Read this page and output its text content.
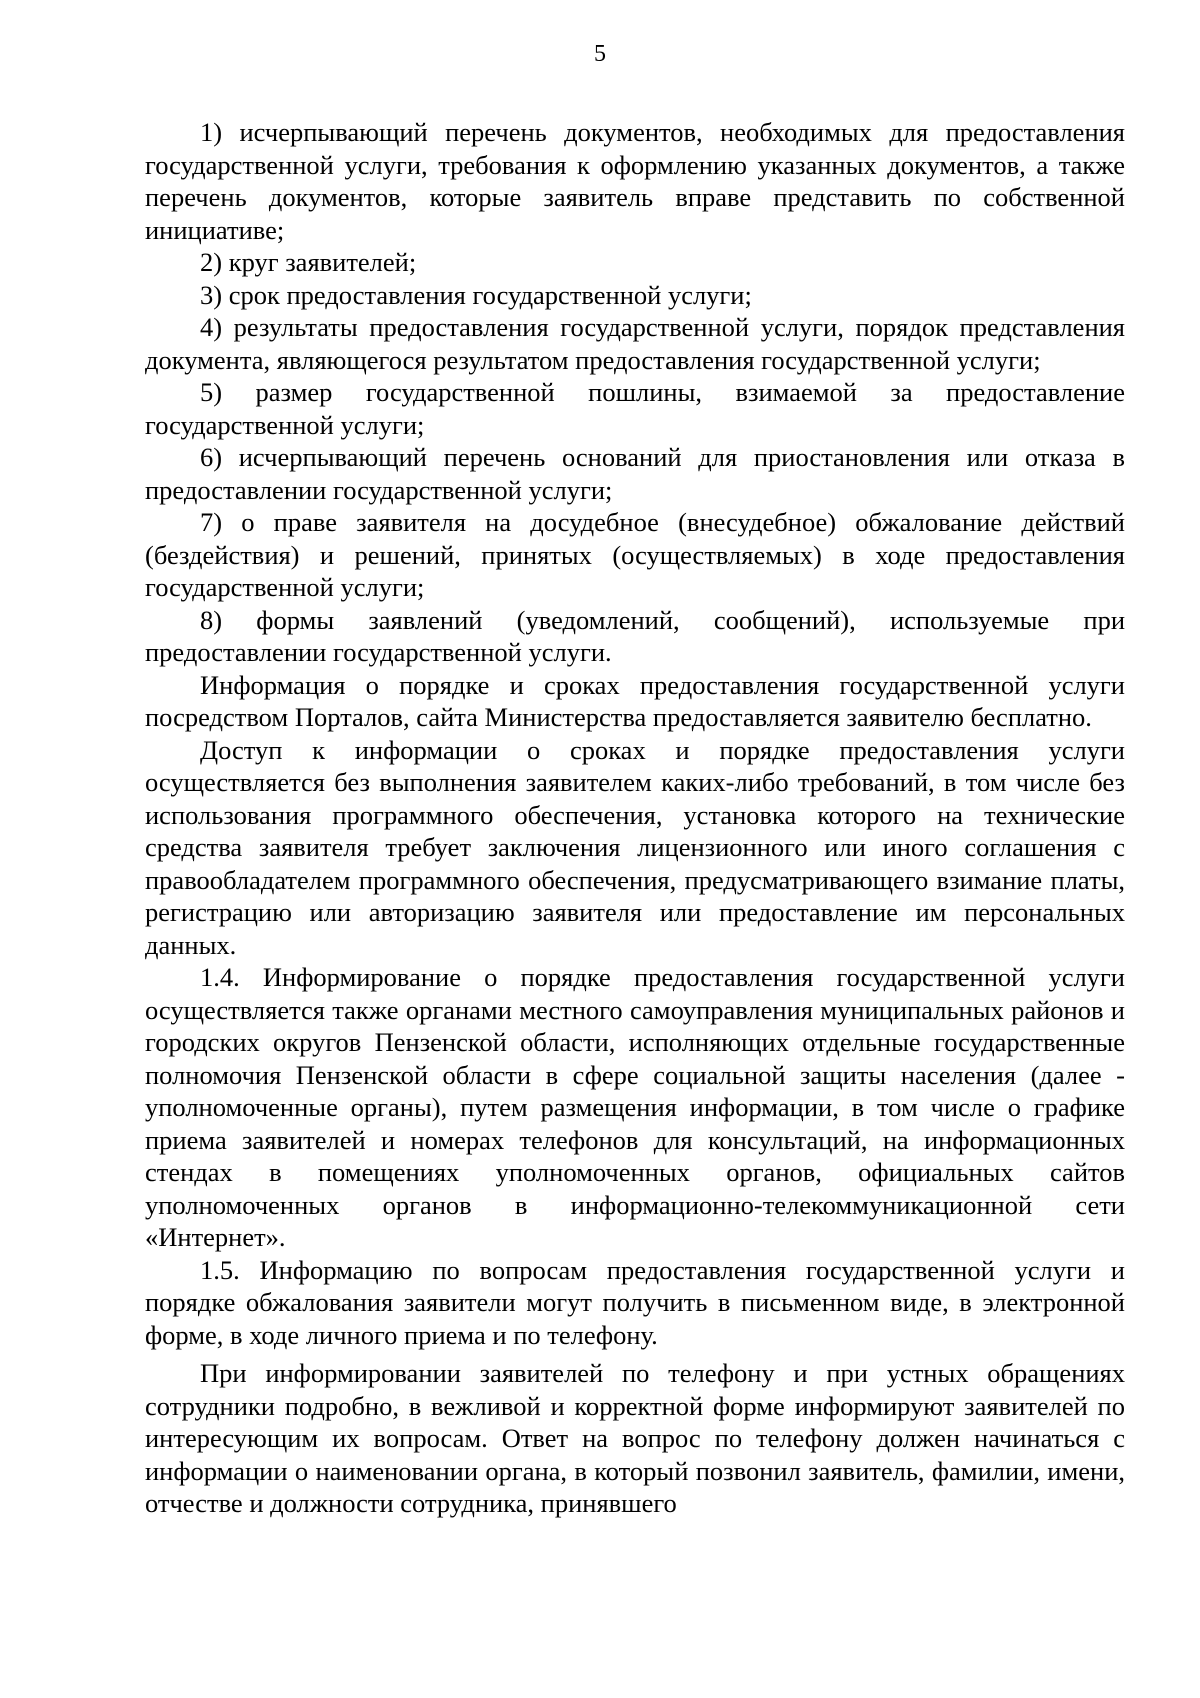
5

1) исчерпывающий перечень документов, необходимых для предоставления государственной услуги, требования к оформлению указанных документов, а также перечень документов, которые заявитель вправе представить по собственной инициативе;

2) круг заявителей;

3) срок предоставления государственной услуги;

4) результаты предоставления государственной услуги, порядок представления документа, являющегося результатом предоставления государственной услуги;

5) размер государственной пошлины, взимаемой за предоставление государственной услуги;

6) исчерпывающий перечень оснований для приостановления или отказа в предоставлении государственной услуги;

7) о праве заявителя на досудебное (внесудебное) обжалование действий (бездействия) и решений, принятых (осуществляемых) в ходе предоставления государственной услуги;

8) формы заявлений (уведомлений, сообщений), используемые при предоставлении государственной услуги.

Информация о порядке и сроках предоставления государственной услуги посредством Порталов, сайта Министерства предоставляется заявителю бесплатно.

Доступ к информации о сроках и порядке предоставления услуги осуществляется без выполнения заявителем каких-либо требований, в том числе без использования программного обеспечения, установка которого на технические средства заявителя требует заключения лицензионного или иного соглашения с правообладателем программного обеспечения, предусматривающего взимание платы, регистрацию или авторизацию заявителя или предоставление им персональных данных.

1.4. Информирование о порядке предоставления государственной услуги осуществляется также органами местного самоуправления муниципальных районов и городских округов Пензенской области, исполняющих отдельные государственные полномочия Пензенской области в сфере социальной защиты населения (далее - уполномоченные органы), путем размещения информации, в том числе о графике приема заявителей и номерах телефонов для консультаций, на информационных стендах в помещениях уполномоченных органов, официальных сайтов уполномоченных органов в информационно-телекоммуникационной сети «Интернет».

1.5. Информацию по вопросам предоставления государственной услуги и порядке обжалования заявители могут получить в письменном виде, в электронной форме, в ходе личного приема и по телефону.

При информировании заявителей по телефону и при устных обращениях сотрудники подробно, в вежливой и корректной форме информируют заявителей по интересующим их вопросам. Ответ на вопрос по телефону должен начинаться с информации о наименовании органа, в который позвонил заявитель, фамилии, имени, отчестве и должности сотрудника, принявшего
